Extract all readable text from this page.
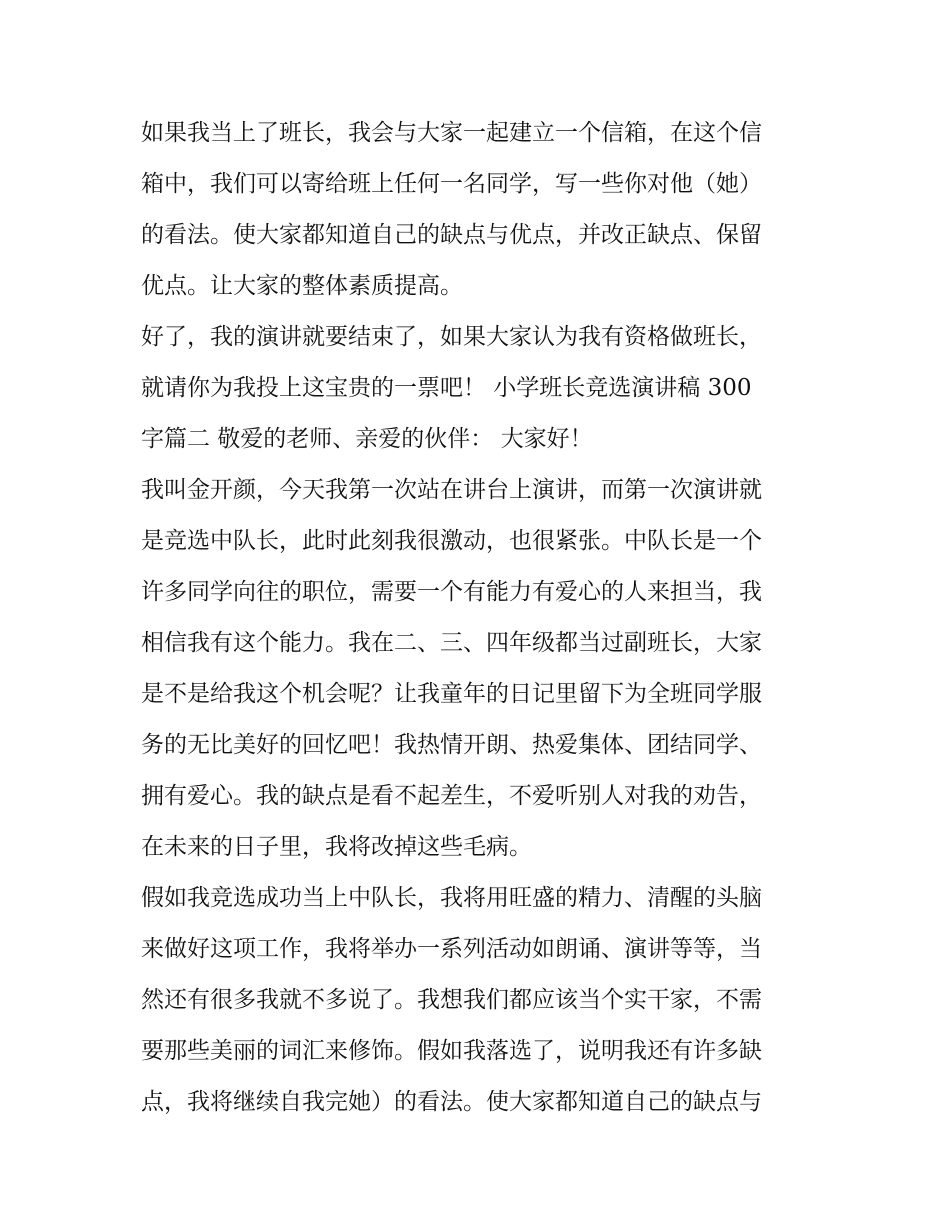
如果我当上了班长，我会与大家一起建立一个信箱，在这个信
箱中，我们可以寄给班上任何一名同学，写一些你对他（她）
的看法。使大家都知道自己的缺点与优点，并改正缺点、保留
优点。让大家的整体素质提高。
好了，我的演讲就要结束了，如果大家认为我有资格做班长，
就请你为我投上这宝贵的一票吧！ 小学班长竞选演讲稿 300
字篇二 敬爱的老师、亲爱的伙伴： 大家好！
我叫金开颜，今天我第一次站在讲台上演讲，而第一次演讲就
是竞选中队长，此时此刻我很激动，也很紧张。中队长是一个
许多同学向往的职位，需要一个有能力有爱心的人来担当，我
相信我有这个能力。我在二、三、四年级都当过副班长，大家
是不是给我这个机会呢？让我童年的日记里留下为全班同学服
务的无比美好的回忆吧！我热情开朗、热爱集体、团结同学、
拥有爱心。我的缺点是看不起差生，不爱听别人对我的劝告，
在未来的日子里，我将改掉这些毛病。
假如我竞选成功当上中队长，我将用旺盛的精力、清醒的头脑
来做好这项工作，我将举办一系列活动如朗诵、演讲等等，当
然还有很多我就不多说了。我想我们都应该当个实干家，不需
要那些美丽的词汇来修饰。假如我落选了，说明我还有许多缺
点，我将继续自我完她）的看法。使大家都知道自己的缺点与
